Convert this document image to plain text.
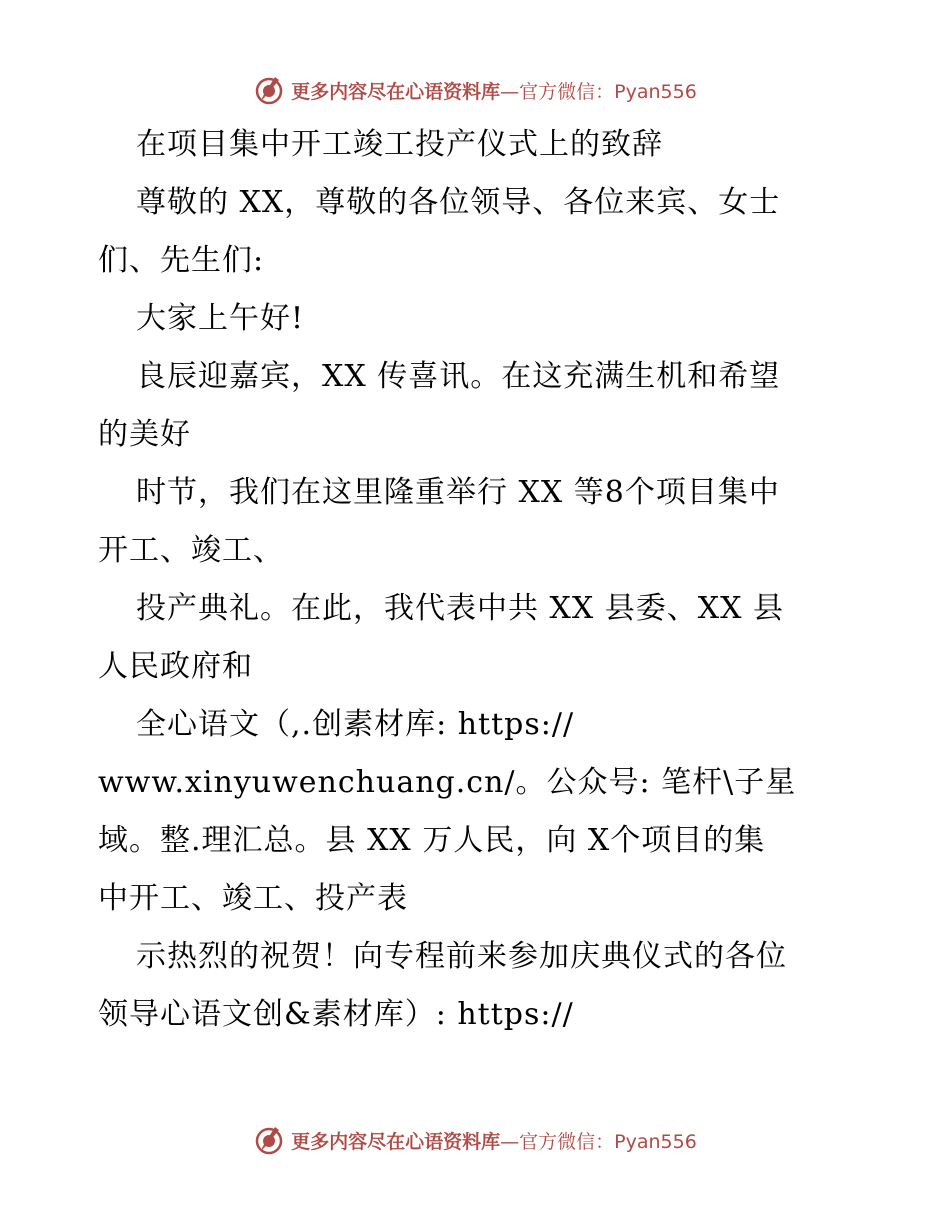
更多内容尽在心语资料库 —官方微信：Pyan556
在项目集中开工竣工投产仪式上的致辞
尊敬的 XX，尊敬的各位领导、各位来宾、女士
们、先生们:
大家上午好!
良辰迎嘉宾，XX 传喜讯。在这充满生机和希望
的美好
时节，我们在这里隆重举行 XX 等8个项目集中
开工、竣工、
投产典礼。在此，我代表中共 XX 县委、XX 县
人民政府和
全心语文（,.创素材库: https://
www.xinyuwenchuang.cn/。公众号: 笔杆\子星
域。整.理汇总。县 XX 万人民，向 X个项目的集
中开工、竣工、投产表
示热烈的祝贺！向专程前来参加庆典仪式的各位
领导心语文创&素材库）: https://
更多内容尽在心语资料库 —官方微信：Pyan556
